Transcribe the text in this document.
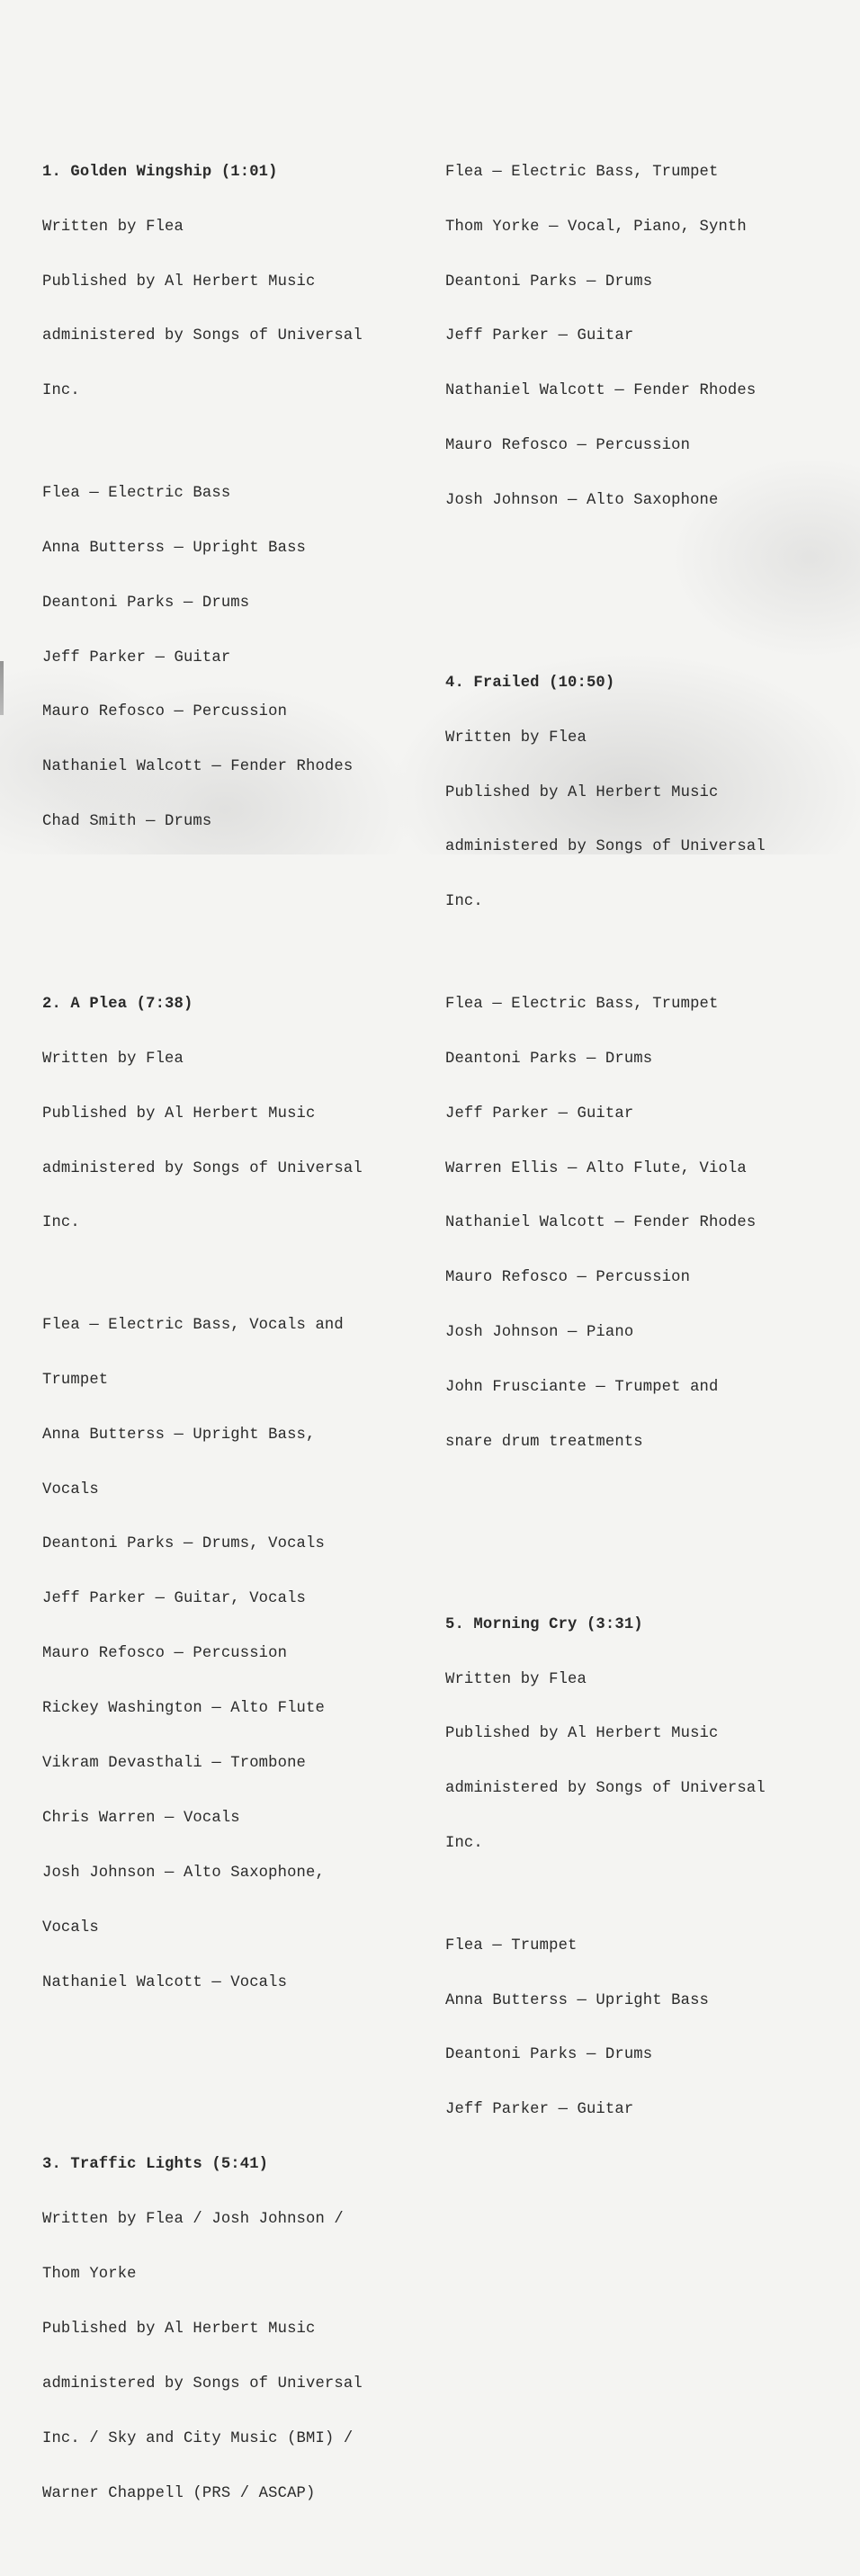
1. Golden Wingship (1:01)

Written by Flea

Published by Al Herbert Music

administered by Songs of Universal

Inc.

Flea — Electric Bass

Anna Butterss — Upright Bass

Deantoni Parks — Drums

Jeff Parker — Guitar

Mauro Refosco — Percussion

Nathaniel Walcott — Fender Rhodes

Chad Smith — Drums

2. A Plea (7:38)

Written by Flea

Published by Al Herbert Music

administered by Songs of Universal

Inc.

Flea — Electric Bass, Vocals and

Trumpet

Anna Butterss — Upright Bass,

Vocals

Deantoni Parks — Drums, Vocals

Jeff Parker — Guitar, Vocals

Mauro Refosco — Percussion

Rickey Washington — Alto Flute

Vikram Devasthali — Trombone

Chris Warren — Vocals

Josh Johnson — Alto Saxophone,

Vocals

Nathaniel Walcott — Vocals

3. Traffic Lights (5:41)

Written by Flea / Josh Johnson /

Thom Yorke

Published by Al Herbert Music

administered by Songs of Universal

Inc. / Sky and City Music (BMI) /

Warner Chappell (PRS / ASCAP)

Flea — Electric Bass, Trumpet

Thom Yorke — Vocal, Piano, Synth

Deantoni Parks — Drums

Jeff Parker — Guitar

Nathaniel Walcott — Fender Rhodes

Mauro Refosco — Percussion

Josh Johnson — Alto Saxophone

4. Frailed (10:50)

Written by Flea

Published by Al Herbert Music

administered by Songs of Universal

Inc.

Flea — Electric Bass, Trumpet

Deantoni Parks — Drums

Jeff Parker — Guitar

Warren Ellis — Alto Flute, Viola

Nathaniel Walcott — Fender Rhodes

Mauro Refosco — Percussion

Josh Johnson — Piano

John Frusciante — Trumpet and

snare drum treatments

5. Morning Cry (3:31)

Written by Flea

Published by Al Herbert Music

administered by Songs of Universal

Inc.

Flea — Trumpet

Anna Butterss — Upright Bass

Deantoni Parks — Drums

Jeff Parker — Guitar
